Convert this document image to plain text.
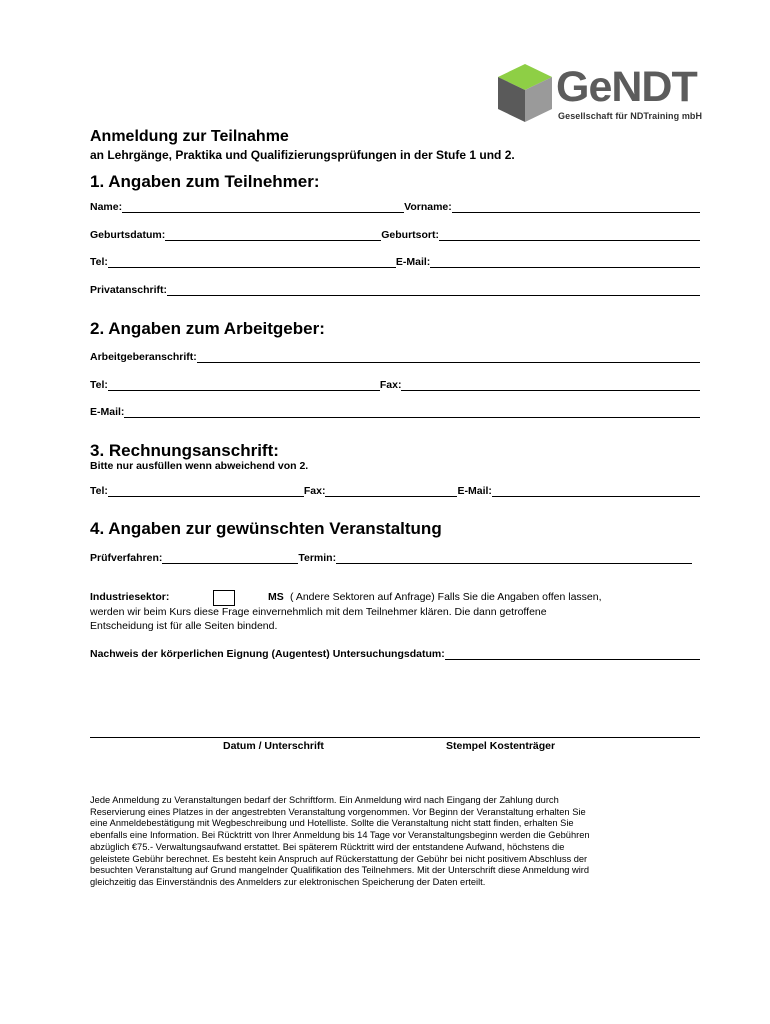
GeNDT
Gesellschaft für NDTraining mbH
Anmeldung zur Teilnahme
an Lehrgänge, Praktika und Qualifizierungsprüfungen in der Stufe 1 und 2.
1. Angaben zum Teilnehmer:
Name:	Vorname:
Geburtsdatum:	Geburtsort:
Tel:	E-Mail:
Privatanschrift:
2. Angaben zum Arbeitgeber:
Arbeitgeberanschrift:
Tel:	Fax:
E-Mail:
3. Rechnungsanschrift:
Bitte nur ausfüllen wenn abweichend von 2.
Tel:	Fax:	E-Mail:
4. Angaben zur gewünschten Veranstaltung
Prüfverfahren:	Termin:
Industriesektor:	MS ( Andere Sektoren auf Anfrage) Falls Sie die Angaben offen lassen,
werden wir beim Kurs diese Frage einvernehmlich mit dem Teilnehmer klären. Die dann getroffene
Entscheidung ist für alle Seiten bindend.
Nachweis der körperlichen Eignung (Augentest) Untersuchungsdatum:
Datum / Unterschrift	Stempel Kostenträger
Jede Anmeldung zu Veranstaltungen bedarf der Schriftform. Ein Anmeldung wird nach Eingang der Zahlung durch
Reservierung eines Platzes in der angestrebten Veranstaltung vorgenommen. Vor Beginn der Veranstaltung erhalten Sie
eine Anmeldebestätigung mit Wegbeschreibung und Hotelliste. Sollte die Veranstaltung nicht statt finden, erhalten Sie
ebenfalls eine Information. Bei Rücktritt von Ihrer Anmeldung bis 14 Tage vor Veranstaltungsbeginn werden die Gebühren
abzüglich €75.- Verwaltungsaufwand erstattet. Bei späterem Rücktritt wird der entstandene Aufwand, höchstens die
geleistete Gebühr berechnet. Es besteht kein Anspruch auf Rückerstattung der Gebühr bei nicht positivem Abschluss der
besuchten Veranstaltung auf Grund mangelnder Qualifikation des Teilnehmers. Mit der Unterschrift diese Anmeldung wird
gleichzeitig das Einverständnis des Anmelders zur elektronischen Speicherung der Daten erteilt.
